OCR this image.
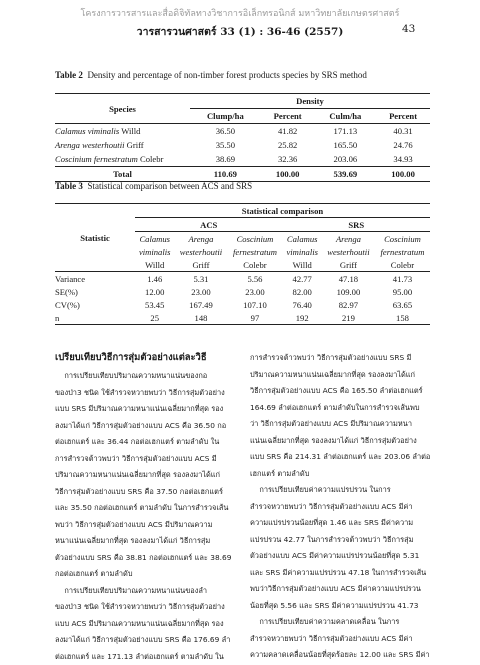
โครงการวารสารและสื่อดิจิทัลทางวิชาการอิเล็กทรอนิกส์ มหาวิทยาลัยเกษตรศาสตร์
วารสารวนศาสตร์ 33 (1) : 36-46 (2557)	43
Table 2 Density and percentage of non-timber forest products species by SRS method
Species	Density			
	Clump/ha	Percent	Culm/ha	Percent
Calamus viminalis Willd	36.50	41.82	171.13	40.31
Arenga westerhoutii Griff	35.50	25.82	165.50	24.76
Coscinium fernestratum Colebr	38.69	32.36	203.06	34.93
Total	110.69	100.00	539.69	100.00
Table 3 Statistical comparison between ACS and SRS
Statistic	Statistical comparison					
	ACS			SRS		
	Calamus	Arenga	Coscinium	Calamus	Arenga	Coscinium
	viminalis	westerhoutii	fernestratum	viminalis	westerhoutii	fernestratum
	Willd	Griff	Colebr	Willd	Griff	Colebr
Variance	1.46	5.31	5.56	42.77	47.18	41.73
SE(%)	12.00	23.00	23.00	82.00	109.00	95.00
CV(%)	53.45	167.49	107.10	76.40	82.97	63.65
n	25	148	97	192	219	158
เปรียบเทียบวิธีการสุ่มตัวอย่างแต่ละวิธี

การเปรียบเทียบปริมาณความหนาแน่นของกอ

ของป่า3 ชนิด ใช้สำรวจหวายพบว่า วิธีการสุ่มตัวอย่าง

แบบ SRS มีปริมาณความหนาแน่นเฉลี่ยมากที่สุด รอง

ลงมาได้แก่ วิธีการสุ่มตัวอย่างแบบ ACS คือ 36.50 กอ

ต่อเฮกแตร์ และ 36.44 กอต่อเฮกแตร์ ตามลำดับ ใน

การสำรวจต้าวพบว่า วิธีการสุ่มตัวอย่างแบบ ACS มี

ปริมาณความหนาแน่นเฉลี่ยมากที่สุด รองลงมาได้แก่

วิธีการสุ่มตัวอย่างแบบ SRS คือ 37.50 กอต่อเฮกแตร์

และ 35.50 กอต่อเฮกแตร์ ตามลำดับ ในการสำรวจเส้น

พบว่า วิธีการสุ่มตัวอย่างแบบ ACS มีปริมาณความ

หนาแน่นเฉลี่ยมากที่สุด รองลงมาได้แก่ วิธีการสุ่ม

ตัวอย่างแบบ SRS คือ 38.81 กอต่อเฮกแตร์ และ 38.69

กอต่อเฮกแตร์ ตามลำดับ

การเปรียบเทียบปริมาณความหนาแน่นของลำ

ของป่า3 ชนิด ใช้สำรวจหวายพบว่า วิธีการสุ่มตัวอย่าง

แบบ ACS มีปริมาณความหนาแน่นเฉลี่ยมากที่สุด รอง

ลงมาได้แก่ วิธีการสุ่มตัวอย่างแบบ SRS คือ 176.69 ลำ

ต่อเฮกแตร์ และ 171.13 ลำต่อเฮกแตร์ ตามลำดับ ใน

การสำรวจต้าวพบว่า วิธีการสุ่มตัวอย่างแบบ SRS มี

ปริมาณความหนาแน่นเฉลี่ยมากที่สุด รองลงมาได้แก่

วิธีการสุ่มตัวอย่างแบบ ACS คือ 165.50 ลำต่อเฮกแตร์

164.69 ลำต่อเฮกแตร์ ตามลำดับในการสำรวจเส้นพบ

ว่า วิธีการสุ่มตัวอย่างแบบ ACS มีปริมาณความหนา

แน่นเฉลี่ยมากที่สุด รองลงมาได้แก่ วิธีการสุ่มตัวอย่าง

แบบ SRS คือ 214.31 ลำต่อเฮกแตร์ และ 203.06 ลำต่อ

เฮกแตร์ ตามลำดับ

การเปรียบเทียบค่าความแปรปรวน ในการ

สำรวจหวายพบว่า วิธีการสุ่มตัวอย่างแบบ ACS มีค่า

ความแปรปรวนน้อยที่สุด 1.46 และ SRS มีค่าความ

แปรปรวน 42.77 ในการสำรวจต้าวพบว่า วิธีการสุ่ม

ตัวอย่างแบบ ACS มีค่าความแปรปรวนน้อยที่สุด 5.31

และ SRS มีค่าความแปรปรวน 47.18 ในการสำรวจเส้น

พบว่าวิธีการสุ่มตัวอย่างแบบ ACS มีค่าความแปรปรวน

น้อยที่สุด 5.56 และ SRS มีค่าความแปรปรวน 41.73

การเปรียบเทียบค่าความคลาดเคลื่อน ในการ

สำรวจหวายพบว่า วิธีการสุ่มตัวอย่างแบบ ACS มีค่า

ความคลาดเคลื่อนน้อยที่สุดร้อยละ 12.00 และ SRS มีค่า
